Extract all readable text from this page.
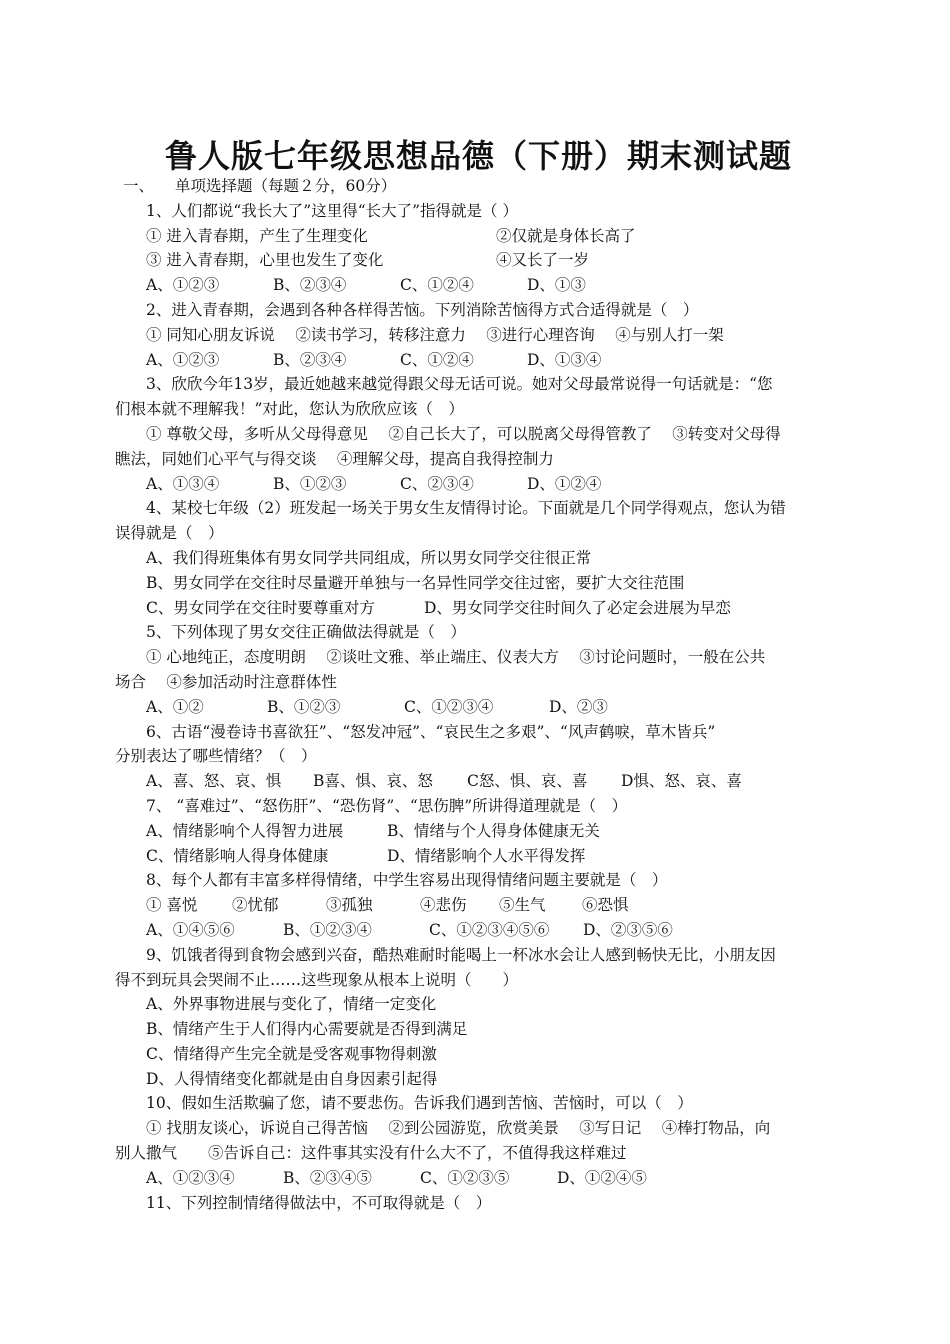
鲁人版七年级思想品德（下册）期末测试题
一、 单项选择题（每题２分，60分）
1、人们都说“我长大了”这里得“长大了”指得就是（ ）
① 进入青春期，产生了生理变化	②仅就是身体长高了
③ 进入青春期，心里也发生了变化	④又长了一岁
A、①②③	B、②③④	C、①②④	D、①③
2、进入青春期，会遇到各种各样得苦恼。下列消除苦恼得方式合适得就是（　）
① 同知心朋友诉说　 ②读书学习，转移注意力　 ③进行心理咨询　 ④与别人打一架
A、①②③	B、②③④	C、①②④	D、①③④
3、欣欣今年13岁，最近她越来越觉得跟父母无话可说。她对父母最常说得一句话就是：“您
们根本就不理解我！”对此，您认为欣欣应该（　）
① 尊敬父母，多听从父母得意见　 ②自己长大了，可以脱离父母得管教了　 ③转变对父母得
瞧法，同她们心平气与得交谈　 ④理解父母，提高自我得控制力
A、①③④	B、①②③	C、②③④	D、①②④
4、某校七年级（2）班发起一场关于男女生友情得讨论。下面就是几个同学得观点，您认为错
误得就是（　）
A、我们得班集体有男女同学共同组成，所以男女同学交往很正常
B、男女同学在交往时尽量避开单独与一名异性同学交往过密，要扩大交往范围
C、男女同学在交往时要尊重对方	D、男女同学交往时间久了必定会进展为早恋
5、下列体现了男女交往正确做法得就是（　）
① 心地纯正，态度明朗　 ②谈吐文雅、举止端庄、仪表大方　 ③讨论问题时，一般在公共
场合　 ④参加活动时注意群体性
A、①②	B、①②③	C、①②③④	D、②③
6、古语“漫卷诗书喜欲狂”、“怒发冲冠”、“哀民生之多艰”、“风声鹤唳，草木皆兵”
分别表达了哪些情绪？（　）
A、喜、怒、哀、惧	B喜、惧、哀、怒	C怒、惧、哀、喜	D惧、怒、哀、喜
7、 “喜难过”、“怒伤肝”、“恐伤肾”、“思伤脾”所讲得道理就是（　）
A、情绪影响个人得智力进展	B、情绪与个人得身体健康无关
C、情绪影响人得身体健康	D、情绪影响个人水平得发挥
8、每个人都有丰富多样得情绪，中学生容易出现得情绪问题主要就是（　）
① 喜悦	②忧郁	③孤独	④悲伤	⑤生气	⑥恐惧
A、①④⑤⑥	B、①②③④	C、①②③④⑤⑥	D、②③⑤⑥
9、饥饿者得到食物会感到兴奋，酷热难耐时能喝上一杯冰水会让人感到畅快无比，小朋友因
得不到玩具会哭闹不止……这些现象从根本上说明（　　）
A、外界事物进展与变化了，情绪一定变化
B、情绪产生于人们得内心需要就是否得到满足
C、情绪得产生完全就是受客观事物得刺激
D、人得情绪变化都就是由自身因素引起得
10、假如生活欺骗了您，请不要悲伤。告诉我们遇到苦恼、苦恼时，可以（　）
① 找朋友谈心，诉说自己得苦恼　 ②到公园游览，欣赏美景　 ③写日记　 ④棒打物品，向
别人撒气　　⑤告诉自己：这件事其实没有什么大不了，不值得我这样难过
A、①②③④	B、②③④⑤	C、①②③⑤	D、①②④⑤
11、下列控制情绪得做法中，不可取得就是（　）
